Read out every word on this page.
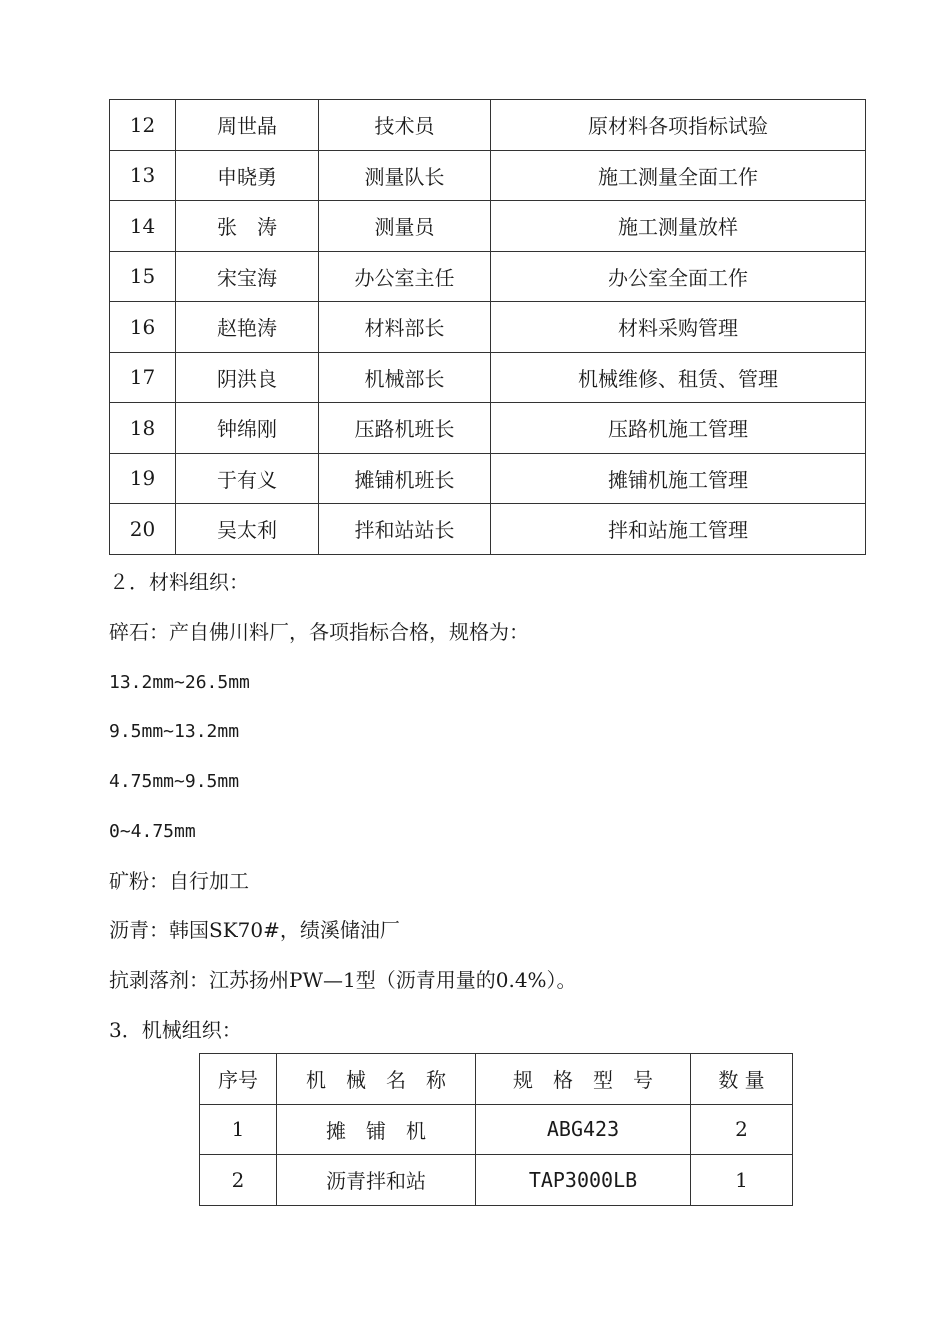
12	周世晶	技术员	原材料各项指标试验
13	申晓勇	测量队长	施工测量全面工作
14	张　涛	测量员	施工测量放样
15	宋宝海	办公室主任	办公室全面工作
16	赵艳涛	材料部长	材料采购管理
17	阴洪良	机械部长	机械维修、租赁、管理
18	钟绵刚	压路机班长	压路机施工管理
19	于有义	摊铺机班长	摊铺机施工管理
20	吴太利	拌和站站长	拌和站施工管理
２．材料组织：
碎石：产自佛川料厂，各项指标合格，规格为：
13.2mm~26.5mm
9.5mm~13.2mm
4.75mm~9.5mm
0~4.75mm
矿粉：自行加工
沥青：韩国SK70#，绩溪储油厂
抗剥落剂：江苏扬州PW—1型（沥青用量的0.4%）。
3．机械组织：
序号	机　械　名　称	规　格　型　号	数 量
1	摊　铺　机	ABG423	2
2	沥青拌和站	TAP3000LB	1
